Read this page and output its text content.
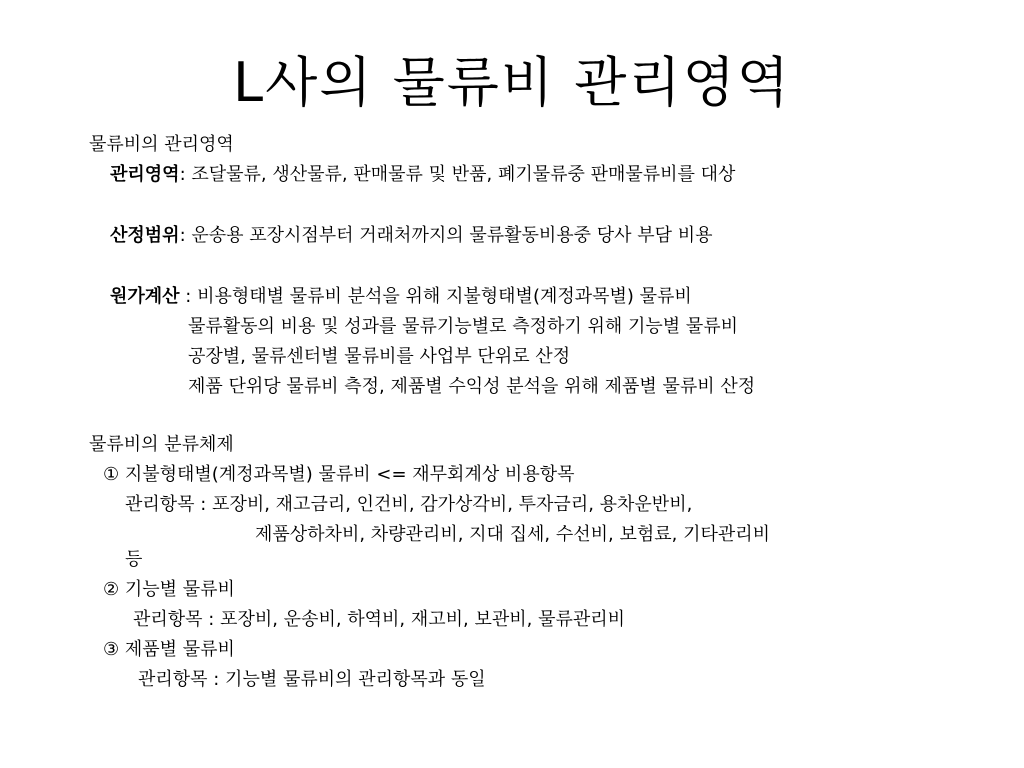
L사의 물류비 관리영역
물류비의 관리영역
관리영역: 조달물류, 생산물류, 판매물류 및 반품, 폐기물류중 판매물류비를 대상
산정범위: 운송용 포장시점부터 거래처까지의 물류활동비용중 당사 부담 비용
원가계산 : 비용형태별 물류비 분석을 위해 지불형태별(계정과목별) 물류비
물류활동의 비용 및 성과를 물류기능별로 측정하기 위해 기능별 물류비
공장별, 물류센터별 물류비를 사업부 단위로 산정
제품 단위당 물류비 측정, 제품별 수익성 분석을 위해 제품별 물류비 산정
물류비의 분류체제
① 지불형태별(계정과목별) 물류비 <= 재무회계상 비용항목
관리항목 : 포장비, 재고금리, 인건비, 감가상각비, 투자금리, 용차운반비,
제품상하차비, 차량관리비, 지대 집세, 수선비, 보험료, 기타관리비
등
② 기능별 물류비
관리항목 : 포장비, 운송비, 하역비, 재고비, 보관비, 물류관리비
③ 제품별 물류비
관리항목 : 기능별 물류비의 관리항목과 동일
